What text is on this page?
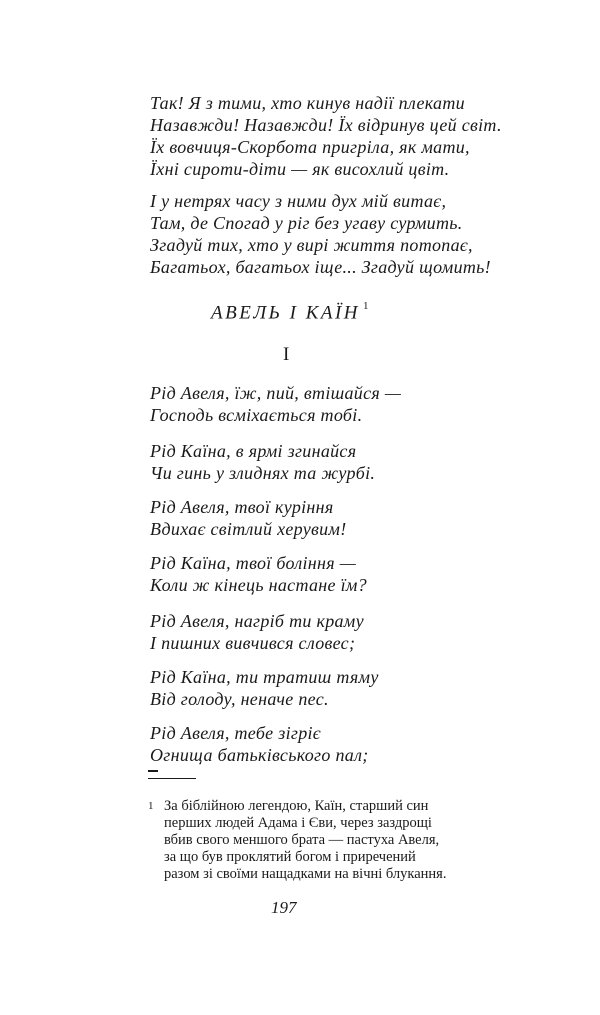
Так! Я з тими, хто кинув надії плекати
Назавжди! Назавжди! Їх відринув цей світ.
Їх вовчиця-Скорбота пригріла, як мати,
Їхні сироти-діти — як висохлий цвіт.
І у нетрях часу з ними дух мій витає,
Там, де Спогад у ріг без угаву сурмить.
Згадуй тих, хто у вирі життя потопає,
Багатьох, багатьох іще... Згадуй щомить!
АВЕЛЬ І КАЇН $^1$
I
Рід Авеля, їж, пий, втішайся —
Господь всміхається тобі.
Рід Каїна, в ярмі згинайся
Чи гинь у злиднях та журбі.
Рід Авеля, твої куріння
Вдихає світлий херувим!
Рід Каїна, твої боління —
Коли ж кінець настане їм?
Рід Авеля, нагріб ти краму
І пишних вивчився словес;
Рід Каїна, ти тратиш тяму
Від голоду, неначе пес.
Рід Авеля, тебе зігріє
Огнища батьківського пал;
1 За біблійною легендою, Каїн, старший син
перших людей Адама і Єви, через заздрощі
вбив свого меншого брата — пастуха Авеля,
за що був проклятий богом і приречений
разом зі своїми нащадками на вічні блукання.
197
